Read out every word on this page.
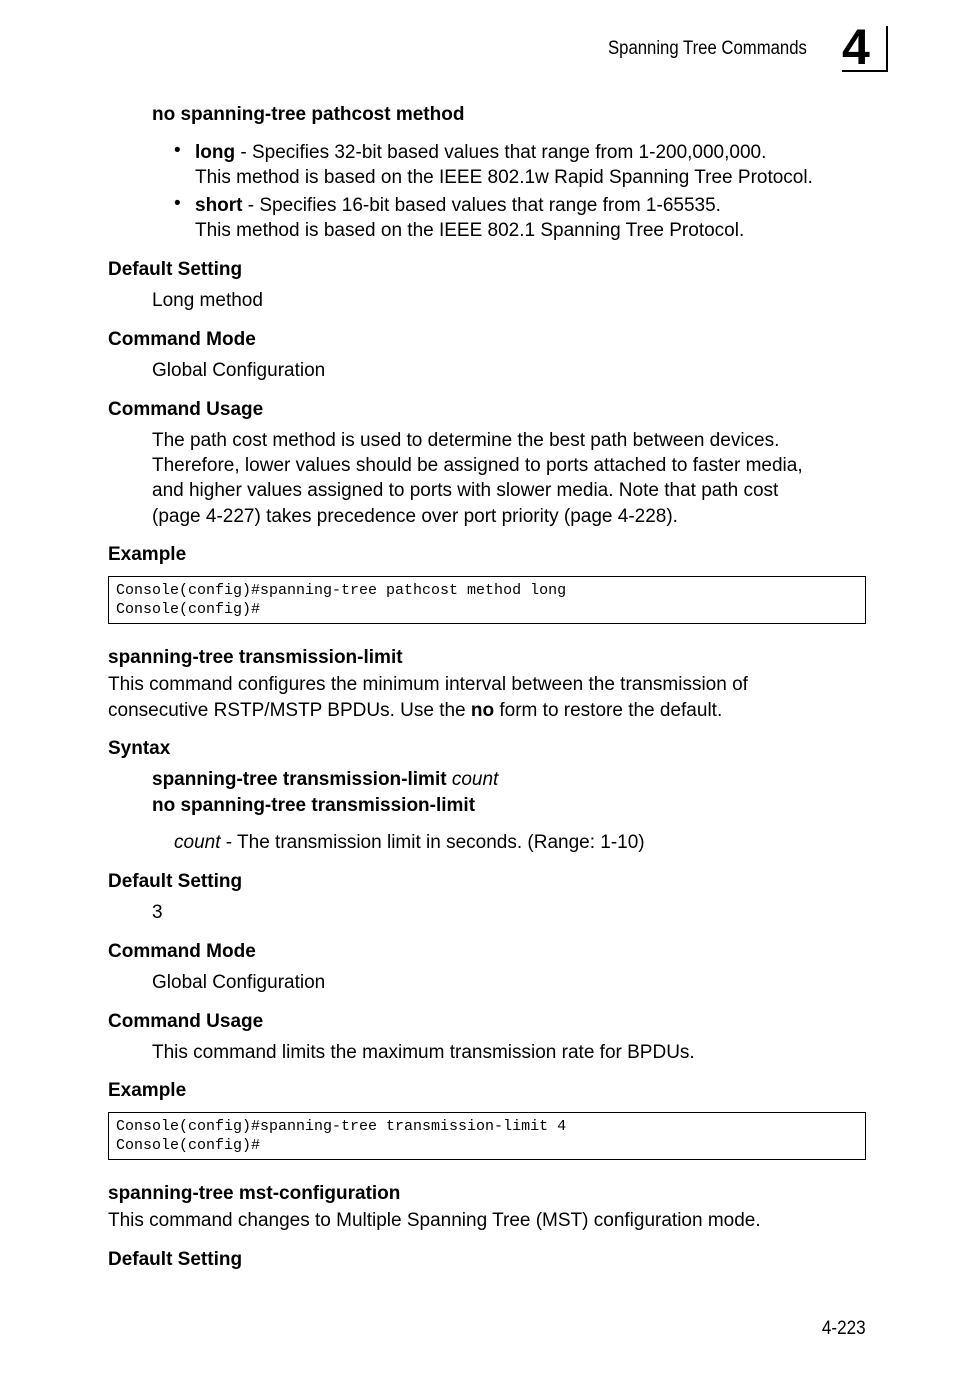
Spanning Tree Commands 4
no spanning-tree pathcost method
• long - Specifies 32-bit based values that range from 1-200,000,000.
This method is based on the IEEE 802.1w Rapid Spanning Tree Protocol.
• short - Specifies 16-bit based values that range from 1-65535.
This method is based on the IEEE 802.1 Spanning Tree Protocol.
Default Setting
Long method
Command Mode
Global Configuration
Command Usage
The path cost method is used to determine the best path between devices.
Therefore, lower values should be assigned to ports attached to faster media,
and higher values assigned to ports with slower media. Note that path cost
(page 4-227) takes precedence over port priority (page 4-228).
Example
Console(config)#spanning-tree pathcost method long
Console(config)#
spanning-tree transmission-limit
This command configures the minimum interval between the transmission of
consecutive RSTP/MSTP BPDUs. Use the no form to restore the default.
Syntax
spanning-tree transmission-limit count
no spanning-tree transmission-limit
count - The transmission limit in seconds. (Range: 1-10)
Default Setting
3
Command Mode
Global Configuration
Command Usage
This command limits the maximum transmission rate for BPDUs.
Example
Console(config)#spanning-tree transmission-limit 4
Console(config)#
spanning-tree mst-configuration
This command changes to Multiple Spanning Tree (MST) configuration mode.
Default Setting
4-223
